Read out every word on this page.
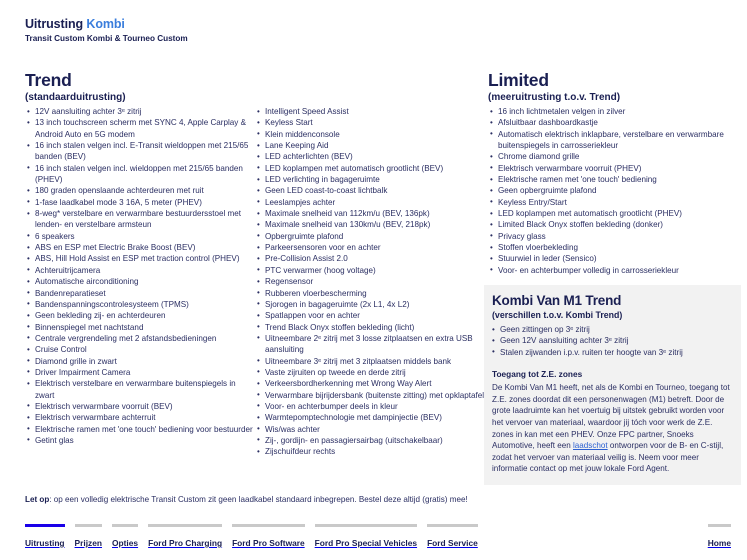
Uitrusting Kombi
Transit Custom Kombi & Tourneo Custom
Trend
(standaarduitrusting)
• 12V aansluiting achter 3ᵉ zitrij
• 13 inch touchscreen scherm met SYNC 4, Apple Carplay & Android Auto en 5G modem
• 16 inch stalen velgen incl. E-Transit wieldoppen met 215/65 banden (BEV)
• 16 inch stalen velgen incl. wieldoppen met 215/65 banden (PHEV)
• 180 graden openslaande achterdeuren met ruit
• 1-fase laadkabel mode 3 16A, 5 meter (PHEV)
• 8-weg* verstelbare en verwarmbare bestuurdersstoel met lenden- en verstelbare armsteun
• 6 speakers
• ABS en ESP met Electric Brake Boost (BEV)
• ABS, Hill Hold Assist en ESP met traction control (PHEV)
• Achteruitrijcamera
• Automatische airconditioning
• Bandenreparatieset
• Bandenspanningscontrolesysteem (TPMS)
• Geen bekleding zij- en achterdeuren
• Binnenspiegel met nachtstand
• Centrale vergrendeling met 2 afstandsbedieningen
• Cruise Control
• Diamond grille in zwart
• Driver Impairment Camera
• Elektrisch verstelbare en verwarmbare buitenspiegels in zwart
• Elektrisch verwarmbare voorruit (BEV)
• Elektrisch verwarmbare achterruit
• Elektrische ramen met 'one touch' bediening voor bestuurder
• Getint glas
• Intelligent Speed Assist
• Keyless Start
• Klein middenconsole
• Lane Keeping Aid
• LED achterlichten (BEV)
• LED koplampen met automatisch grootlicht (BEV)
• LED verlichting in bagageruimte
• Geen LED coast-to-coast lichtbalk
• Leeslampjes achter
• Maximale snelheid van 112km/u (BEV, 136pk)
• Maximale snelheid van 130km/u (BEV, 218pk)
• Opbergruimte plafond
• Parkeersensoren voor en achter
• Pre-Collision Assist 2.0
• PTC verwarmer (hoog voltage)
• Regensensor
• Rubberen vloerbescherming
• Sjorogen in bagageruimte (2x L1, 4x L2)
• Spatlappen voor en achter
• Trend Black Onyx stoffen bekleding (licht)
• Uitneembare 2ᵉ zitrij met 3 losse zitplaatsen en extra USB aansluiting
• Uitneembare 3ᵉ zitrij met 3 zitplaatsen middels bank
• Vaste zijruiten op tweede en derde zitrij
• Verkeersbordherkenning met Wrong Way Alert
• Verwarmbare bijrijdersbank (buitenste zitting) met opklaptafel
• Voor- en achterbumper deels in kleur
• Warmtepomptechnologie met dampinjectie (BEV)
• Wis/was achter
• Zij-, gordijn- en passagiersairbag (uitschakelbaar)
• Zijschuifdeur rechts
Limited
(meeruitrusting t.o.v. Trend)
• 16 inch lichtmetalen velgen in zilver
• Afsluitbaar dashboardkastje
• Automatisch elektrisch inklapbare, verstelbare en verwarmbare buitenspiegels in carrosseriekleur
• Chrome diamond grille
• Elektrisch verwarmbare voorruit (PHEV)
• Elektrische ramen met 'one touch' bediening
• Geen opbergruimte plafond
• Keyless Entry/Start
• LED koplampen met automatisch grootlicht (PHEV)
• Limited Black Onyx stoffen bekleding (donker)
• Privacy glass
• Stoffen vloerbekleding
• Stuurwiel in leder (Sensico)
• Voor- en achterbumper volledig in carrosseriekleur
Kombi Van M1 Trend
(verschillen t.o.v. Kombi Trend)
• Geen zittingen op 3ᵉ zitrij
• Geen 12V aansluiting achter 3ᵉ zitrij
• Stalen zijwanden i.p.v. ruiten ter hoogte van 3ᵉ zitrij
Toegang tot Z.E. zones
De Kombi Van M1 heeft, net als de Kombi en Tourneo, toegang tot Z.E. zones doordat dit een personenwagen (M1) betreft. Door de grote laadruimte kan het voertuig bij uitstek gebruikt worden voor het vervoer van materiaal, waardoor jij tóch voor werk de Z.E. zones in kan met een PHEV. Onze FPC partner, Snoeks Automotive, heeft een laadschot ontworpen voor de B- en C-stijl, zodat het vervoer van materiaal veilig is. Neem voor meer informatie contact op met jouw lokale Ford Agent.
Let op: op een volledig elektrische Transit Custom zit geen laadkabel standaard inbegrepen. Bestel deze altijd (gratis) mee!
Uitrusting Prijzen Opties Ford Pro Charging Ford Pro Software Ford Pro Special Vehicles Ford Service	Home
